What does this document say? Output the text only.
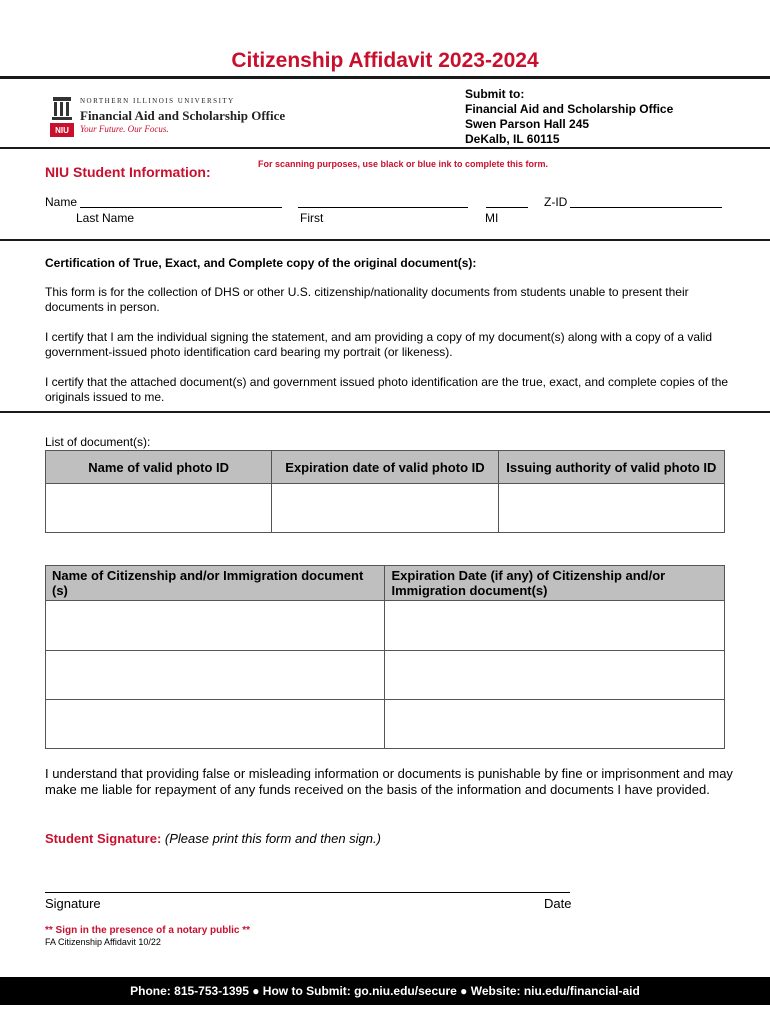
Citizenship Affidavit 2023-2024
NIU
NORTHERN ILLINOIS UNIVERSITY
Financial Aid and Scholarship Office
Your Future. Our Focus.
Submit to:
Financial Aid and Scholarship Office
Swen Parson Hall 245
DeKalb, IL 60115
NIU Student Information:	For scanning purposes, use black or blue ink to complete this form.
Name	Z-ID
Last Name	First	MI
Certification of True, Exact, and Complete copy of the original document(s):
This form is for the collection of DHS or other U.S. citizenship/nationality documents from students unable to present their documents in person.
I certify that I am the individual signing the statement, and am providing a copy of my document(s) along with a copy of a valid government-issued photo identification card bearing my portrait (or likeness).
I certify that the attached document(s) and government issued photo identification are the true, exact, and complete copies of the originals issued to me.
List of document(s):
Name of valid photo ID	Expiration date of valid photo ID	Issuing authority of valid photo ID

Name of Citizenship and/or Immigration document (s)	Expiration Date (if any) of Citizenship and/or Immigration document(s)

I understand that providing false or misleading information or documents is punishable by fine or imprisonment and may make me liable for repayment of any funds received on the basis of the information and documents I have provided.
Student Signature: (Please print this form and then sign.)
Signature	Date
** Sign in the presence of a notary public **
FA Citizenship Affidavit 10/22
Phone: 815-753-1395 ● How to Submit: go.niu.edu/secure ● Website: niu.edu/financial-aid
